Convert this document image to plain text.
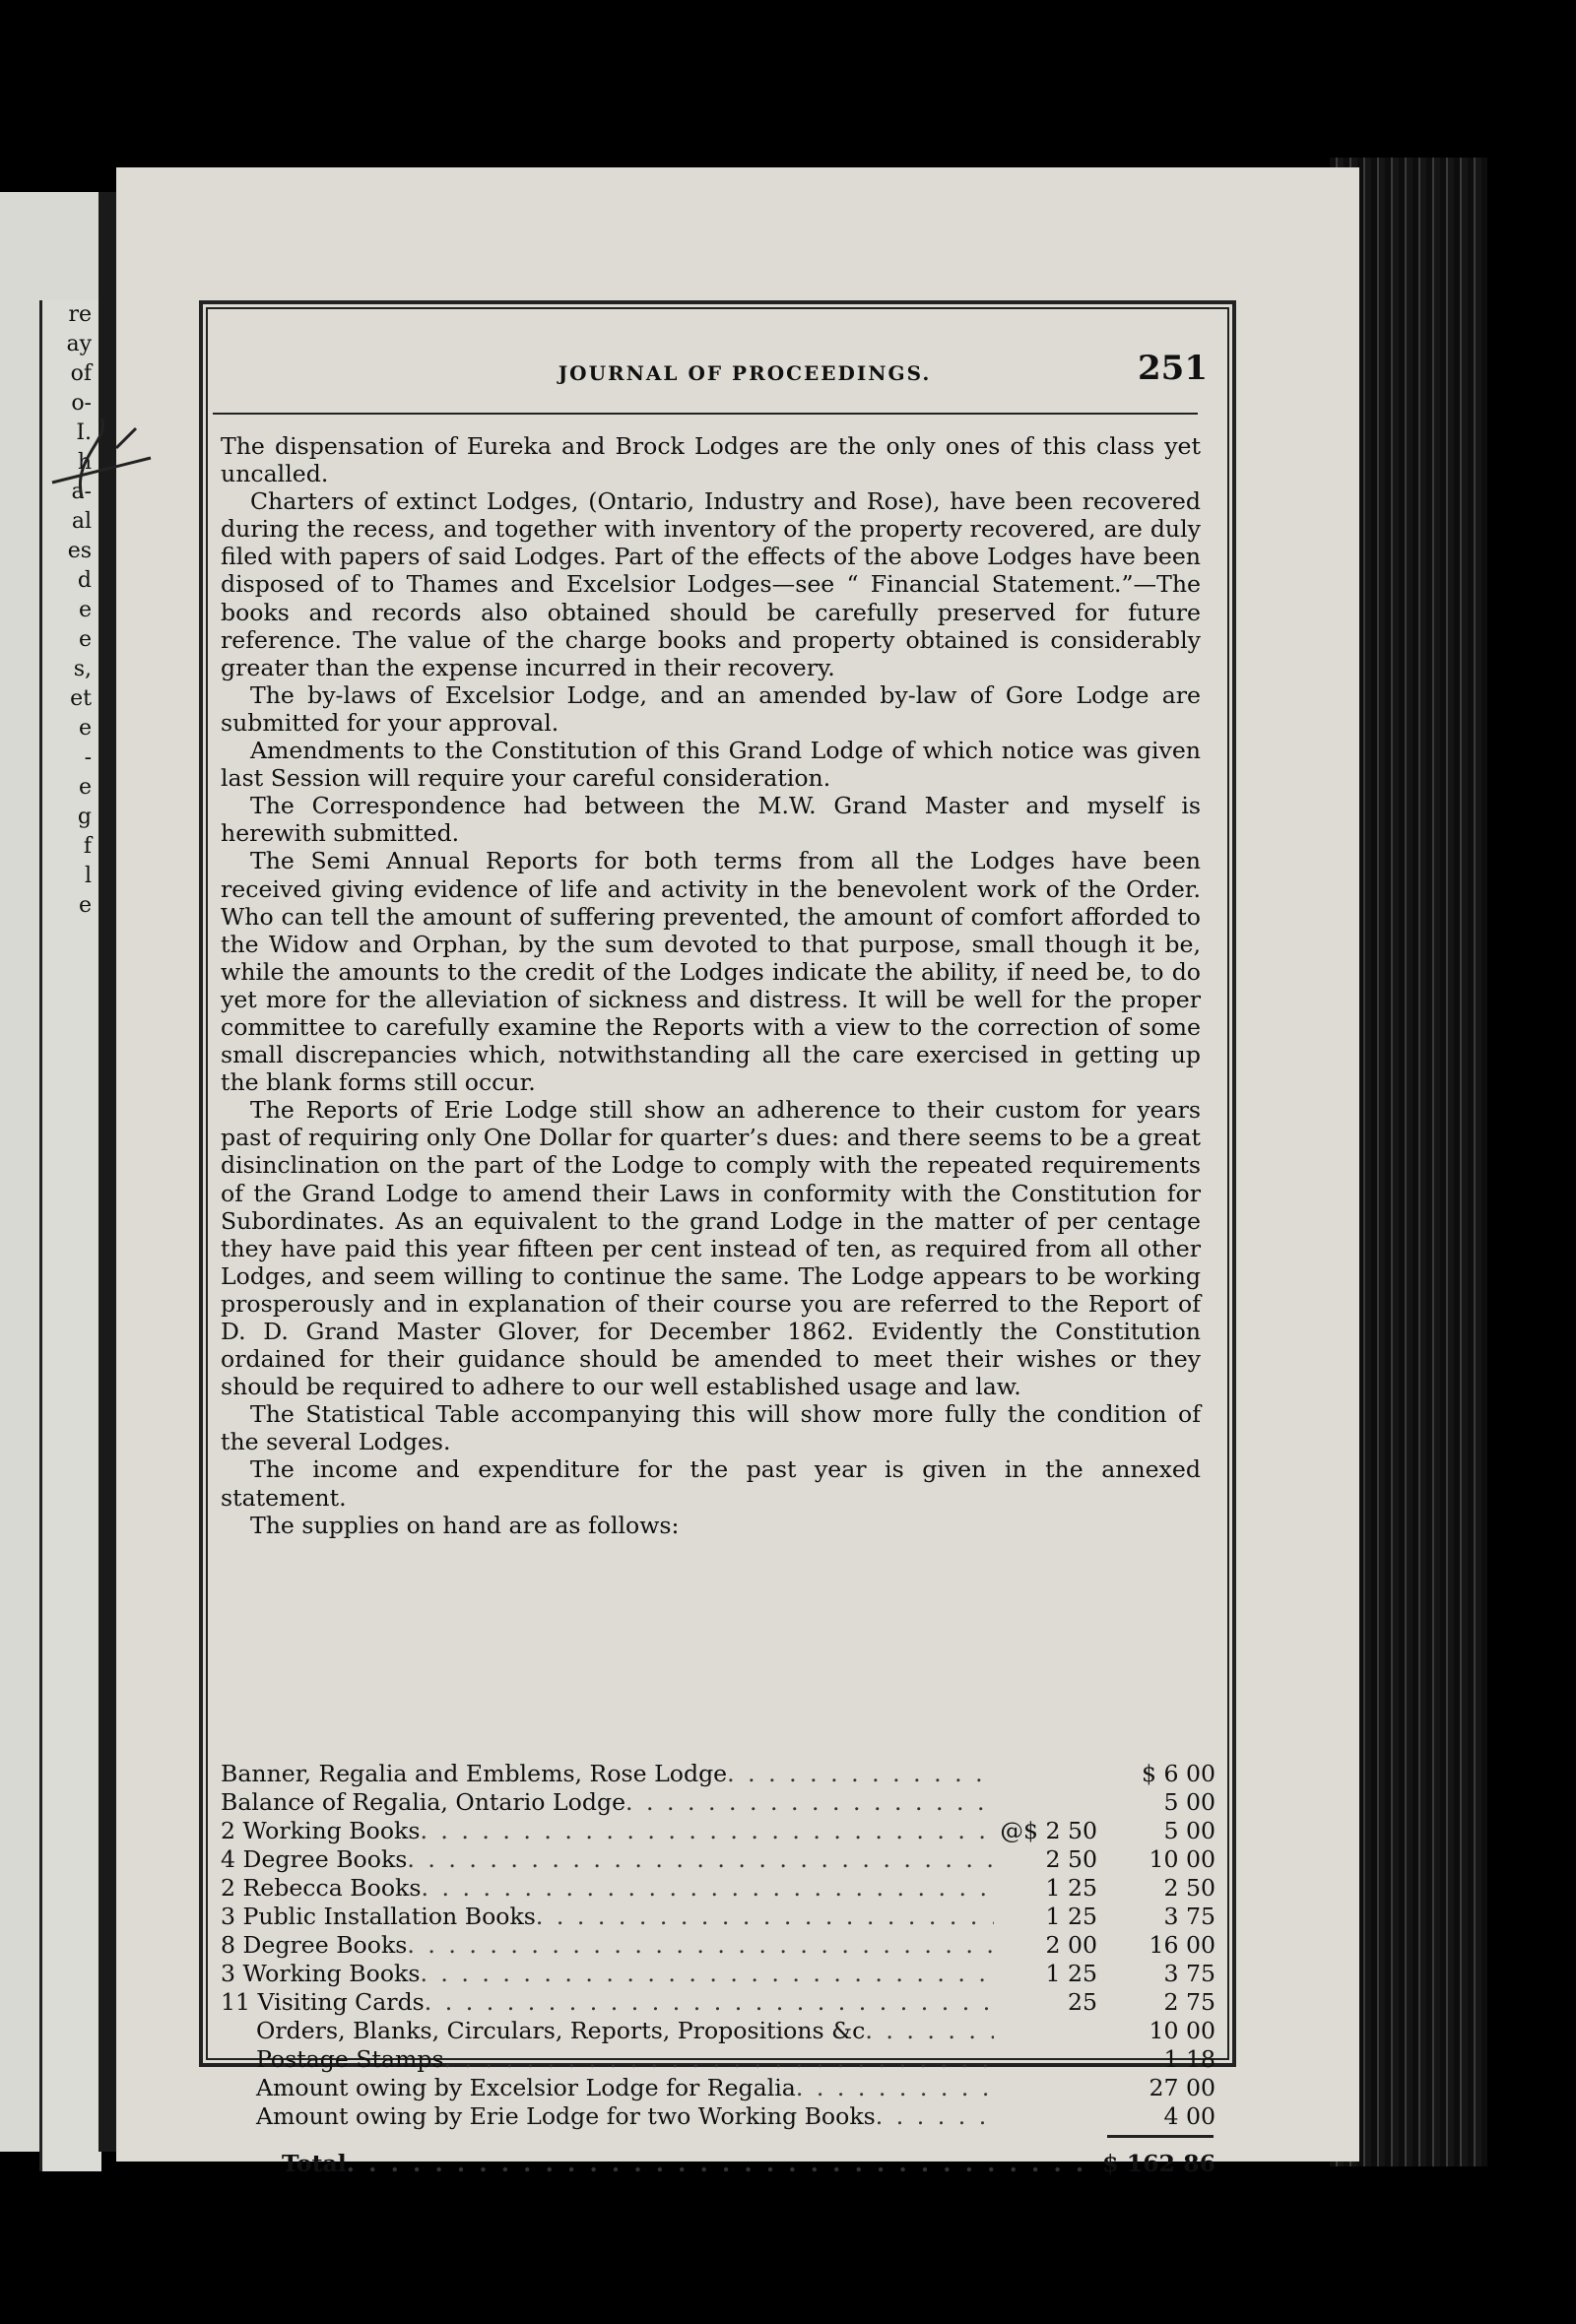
re
ay
of
o-
I.
h
a-
al
es
d
e
e
s,
et
e
-
e
g
f
l
e
JOURNAL OF PROCEEDINGS.	251

The dispensation of Eureka and Brock Lodges are the only ones of this class yet uncalled.

Charters of extinct Lodges, (Ontario, Industry and Rose), have been recovered during the recess, and together with inventory of the property recovered, are duly filed with papers of said Lodges. Part of the effects of the above Lodges have been disposed of to Thames and Excelsior Lodges—see “ Financial Statement.”—The books and records also obtained should be carefully preserved for future reference. The value of the charge books and property obtained is considerably greater than the expense incurred in their recovery.

The by-laws of Excelsior Lodge, and an amended by-law of Gore Lodge are submitted for your approval.

Amendments to the Constitution of this Grand Lodge of which notice was given last Session will require your careful consideration.

The Correspondence had between the M.W. Grand Master and myself is herewith submitted.

The Semi Annual Reports for both terms from all the Lodges have been received giving evidence of life and activity in the benevolent work of the Order. Who can tell the amount of suffering prevented, the amount of comfort afforded to the Widow and Orphan, by the sum devoted to that purpose, small though it be, while the amounts to the credit of the Lodges indicate the ability, if need be, to do yet more for the alleviation of sickness and distress. It will be well for the proper committee to carefully examine the Reports with a view to the correction of some small discrepancies which, notwithstanding all the care exercised in getting up the blank forms still occur.

The Reports of Erie Lodge still show an adherence to their custom for years past of requiring only One Dollar for quarter’s dues: and there seems to be a great disinclination on the part of the Lodge to comply with the repeated requirements of the Grand Lodge to amend their Laws in conformity with the Constitution for Subordinates. As an equivalent to the grand Lodge in the matter of per centage they have paid this year fifteen per cent instead of ten, as required from all other Lodges, and seem willing to continue the same. The Lodge appears to be working prosperously and in explanation of their course you are referred to the Report of D. D. Grand Master Glover, for December 1862. Evidently the Constitution ordained for their guidance should be amended to meet their wishes or they should be required to adhere to our well established usage and law.

The Statistical Table accompanying this will show more fully the condition of the several Lodges.

The income and expenditure for the past year is given in the annexed statement.

The supplies on hand are as follows:

Banner, Regalia and Emblems, Rose Lodge . . .	$ 6 00
Balance of Regalia, Ontario Lodge . . .	5 00
2 Working Books . . .	@$ 2 50	5 00
4 Degree Books . . .	2 50	10 00
2 Rebecca Books . . .	1 25	2 50
3 Public Installation Books . . .	1 25	3 75
8 Degree Books . . .	2 00	16 00
3 Working Books . . .	1 25	3 75
11 Visiting Cards . . .	25	2 75
Orders, Blanks, Circulars, Reports, Propositions &c . . .	10 00
Postage Stamps . . .	1 18
Amount owing by Excelsior Lodge for Regalia . . .	27 00
Amount owing by Erie Lodge for two Working Books . . .	4 00
Total . . .	$ 162 86
